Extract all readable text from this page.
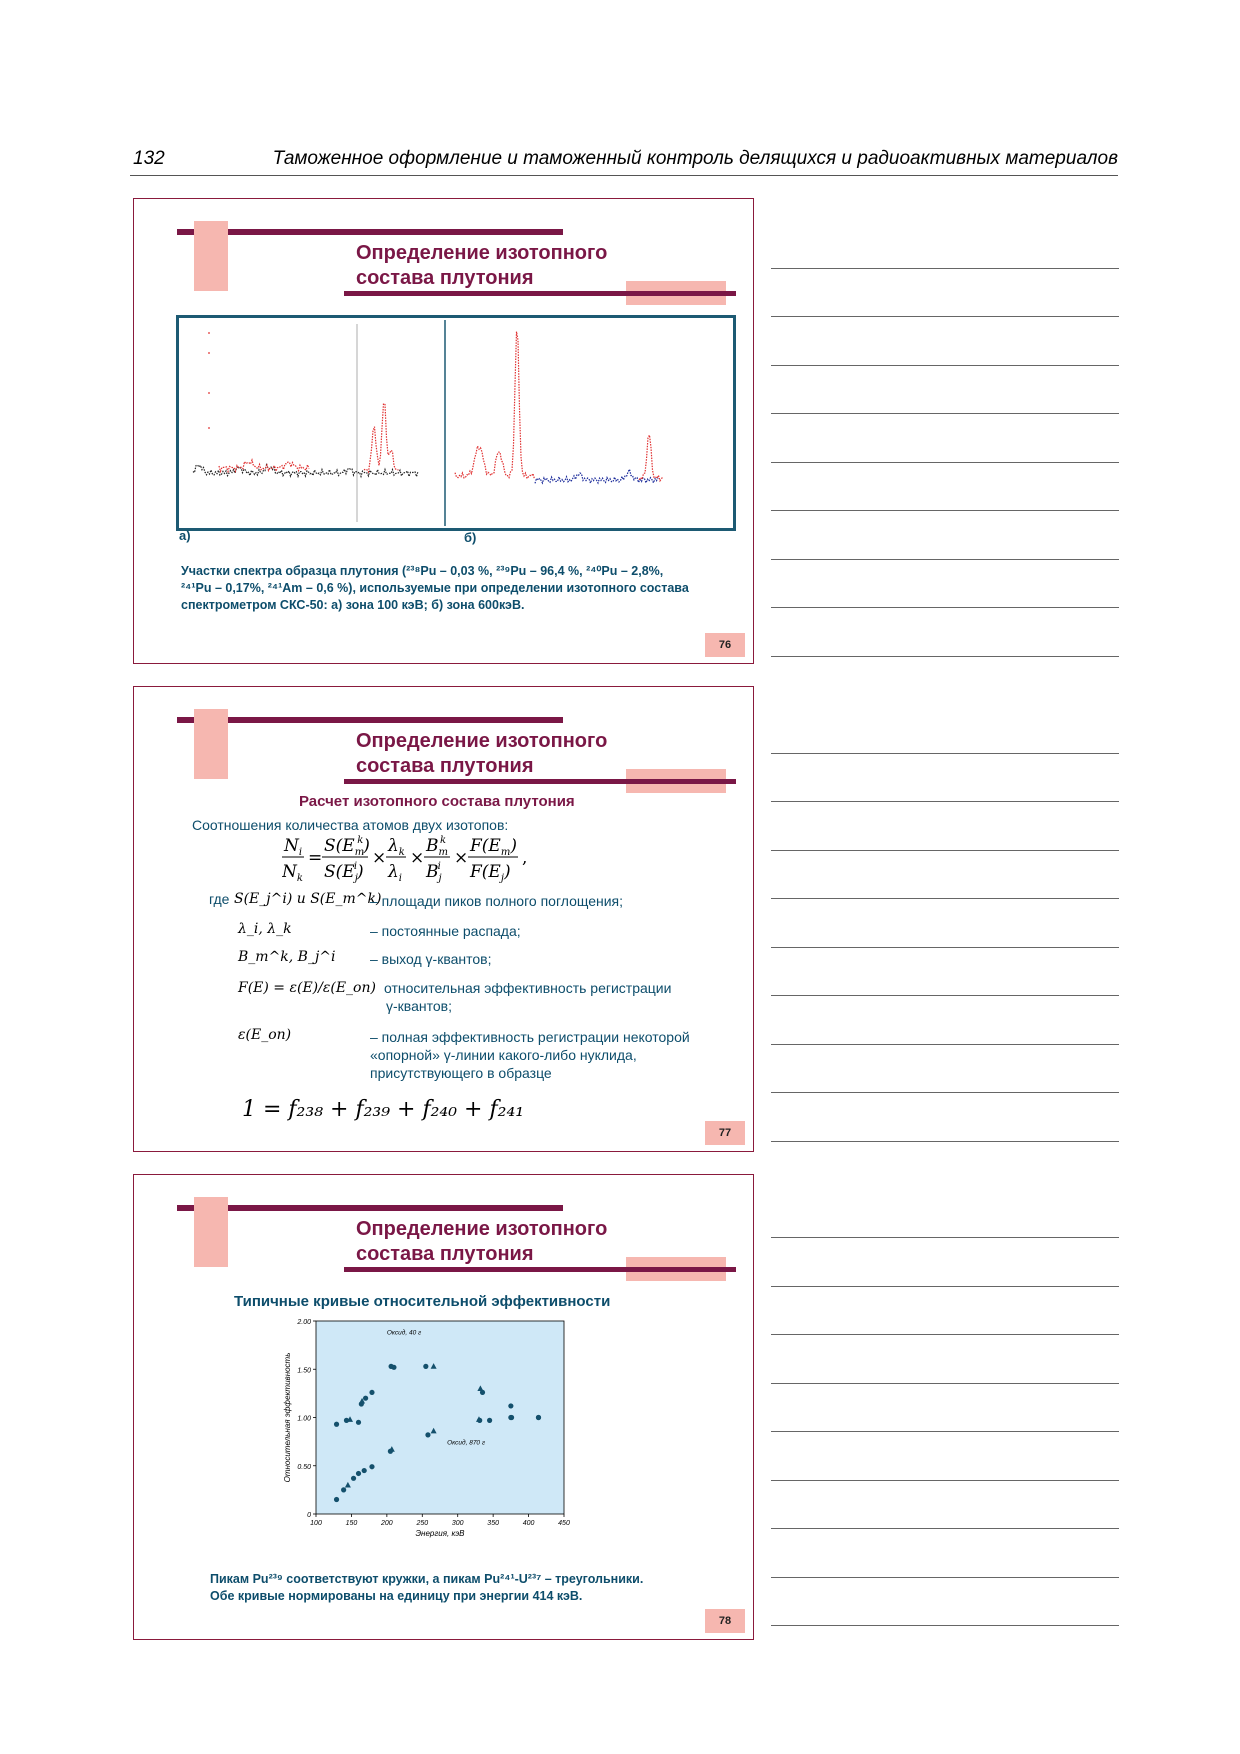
132	Таможенное оформление и таможенный контроль делящихся и радиоактивных материалов
Определение изотопного
состава плутония
а)	б)
Участки спектра образца плутония (²³⁸Pu – 0,03 %, ²³⁹Pu – 96,4 %, ²⁴⁰Pu – 2,8%,
²⁴¹Pu – 0,17%, ²⁴¹Am – 0,6 %), используемые при определении изотопного состава
спектрометром СКС-50: а) зона 100 кэВ; б) зона 600кэВ.
76
Определение изотопного
состава плутония
Расчет изотопного состава плутония
Соотношения количества атомов двух изотопов:
$N_i$
$N_k$
=
$S(E_mk)$
$S(E_ji)$
×
$\lambda_k$
$\lambda_i$
×
$B_mk$
$B_ji$ ×
$F(E_m)$
$F(E_j)$
,
где S(E_j^i) и S(E_m^k)
– площади пиков полного поглощения;
λ_i, λ_k	– постоянные распада;
B_m^k, B_j^i – выход γ-квантов;
F(E) = ε(E)/ε(E_оп) относительная эффективность регистрации
γ-квантов;
ε(E_оп)	– полная эффективность регистрации некоторой
«опорной» γ-линии какого-либо нуклида,
присутствующего в образце
1 = f₂₃₈ + f₂₃₉ + f₂₄₀ + f₂₄₁
77
Определение изотопного
состава плутония
Типичные кривые относительной эффективности
0
0.50
1.00
1.50
2.00
100	150	200	250	300	350	400	450
Энергия, кэВ
Относительная эффективность
Оксид, 40 г
Оксид, 870 г
Пикам Pu²³⁹ соответствуют кружки, а пикам Pu²⁴¹-U²³⁷ – треугольники.
Обе кривые нормированы на единицу при энергии 414 кэВ.
78
